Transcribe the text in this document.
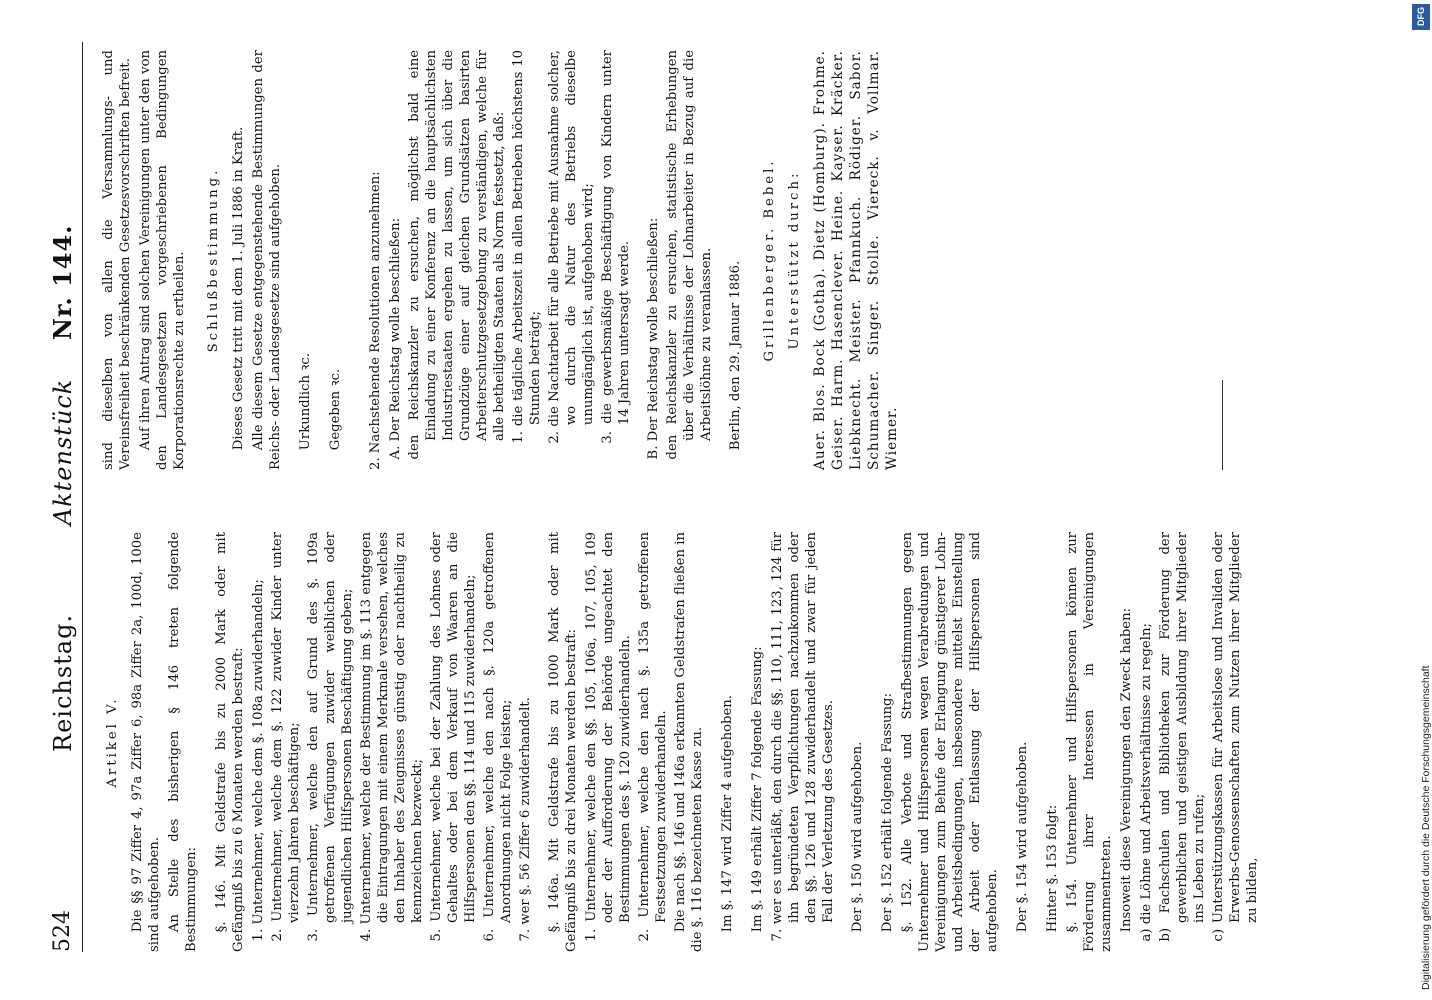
524
Reichstag. Aktenstück Nr. 144.
Artikel V. Die §§ 97 Ziffer 4, 97a Ziffer 6, 98a Ziffer 2a, 100d, 100e sind aufgehoben. An Stelle des bisherigen § 146 treten folgende Bestimmungen: §. 146. Mit Geldstrafe bis zu 2000 Mark oder mit Gefängniß bis zu 6 Monaten werden bestraft: 1. Unternehmer, welche dem §. 108a zuwiderhandeln; 2. Unternehmer, welche dem §. 122 zuwider Kinder unter vierzehn Jahren beschäftigen; 3. Unternehmer, welche den auf Grund des §. 109a getroffenen Verfügungen zuwider weiblichen oder jugendlichen Hilfspersonen Beschäftigung geben; 4. Unternehmer, welche der Bestimmung im §. 113 entgegen die Eintragungen mit einem Merkmale versehen, welches den Inhaber des Zeugnisses günstig oder nachtheilig zu kennzeichnen bezweckt; 5. Unternehmer, welche bei der Zahlung des Lohnes oder Gehaltes oder bei dem Verkauf von Waaren an die Hilfspersonen den §§. 114 und 115 zuwiderhandeln; 6. Unternehmer, welche den nach §. 120a getroffenen Anordnungen nicht Folge leisten; 7. wer §. 56 Ziffer 6 zuwiderhandelt. §. 146a. Mit Geldstrafe bis zu 1000 Mark oder mit Gefängniß bis zu drei Monaten werden bestraft: 1. Unternehmer, welche den §§. 105, 106a, 107, 105, 109 oder der Aufforderung der Behörde ungeachtet den Bestimmungen des §. 120 zuwiderhandeln. 2. Unternehmer, welche den nach §. 135a getroffenen Festsetzungen zuwiderhandeln. Die nach §§. 146 und 146a erkannten Geldstrafen fließen in die §. 116 bezeichneten Kasse zu. Im §. 147 wird Ziffer 4 aufgehoben. Im §. 149 erhält Ziffer 7 folgende Fassung: 7. wer es unterläßt, den durch die §§. 110, 111, 123, 124 für ihn begründeten Verpflichtungen nachzukommen oder den §§. 126 und 128 zuwiderhandelt und zwar für jeden Fall der Verletzung des Gesetzes. Der §. 150 wird aufgehoben. Der §. 152 erhält folgende Fassung: §. 152. Alle Verbote und Strafbestimmungen gegen Unternehmer und Hilfspersonen wegen Verabredungen und Vereinigungen zum Behufe der Erlangung günstigerer Lohn- und Arbeitsbedingungen, insbesondere mittelst Einstellung der Arbeit oder Entlassung der Hilfspersonen sind aufgehoben. Der §. 154 wird aufgehoben. Hinter §. 153 folgt: §. 154. Unternehmer und Hilfspersonen können zur Förderung ihrer Interessen in Vereinigungen zusammentreten. Insoweit diese Vereinigungen den Zweck haben: a) die Löhne und Arbeitsverhältnisse zu regeln; b) Fachschulen und Bibliotheken zur Förderung der gewerblichen und geistigen Ausbildung ihrer Mitglieder ins Leben zu rufen; c) Unterstützungskassen für Arbeitslose und Invaliden oder Erwerbs-Genossenschaften zum Nutzen ihrer Mitglieder zu bilden,
sind dieselben von allen die Versammlungs- und Vereinsfreiheit beschränkenden Gesetzesvorschriften befreit. Auf ihren Antrag sind solchen Vereinigungen unter den von den Landesgesetzen vorgeschriebenen Bedingungen Korporationsrechte zu ertheilen. Schlußbestimmung. Dieses Gesetz tritt mit dem 1. Juli 1886 in Kraft. Alle diesem Gesetze entgegenstehende Bestimmungen der Reichs- oder Landesgesetze sind aufgehoben. Urkundlich ꝛc. Gegeben ꝛc. 2. Nachstehende Resolutionen anzunehmen: A. Der Reichstag wolle beschließen: den Reichskanzler zu ersuchen, möglichst bald eine Einladung zu einer Konferenz an die hauptsächlichsten Industriestaaten ergehen zu lassen, um sich über die Grundzüge einer auf gleichen Grundsätzen basirten Arbeiterschutzgesetzgebung zu verständigen, welche für alle betheiligten Staaten als Norm festsetzt, daß: 1. die tägliche Arbeitszeit in allen Betrieben höchstens 10 Stunden beträgt; 2. die Nachtarbeit für alle Betriebe mit Ausnahme solcher, wo durch die Natur des Betriebs dieselbe unumgänglich ist, aufgehoben wird; 3. die gewerbsmäßige Beschäftigung von Kindern unter 14 Jahren untersagt werde. B. Der Reichstag wolle beschließen: den Reichskanzler zu ersuchen, statistische Erhebungen über die Verhältnisse der Lohnarbeiter in Bezug auf die Arbeitslöhne zu veranlassen. Berlin, den 29. Januar 1886. Grillenberger. Bebel. Unterstützt durch: Auer. Blos. Bock (Gotha). Dietz (Homburg). Frohme. Geiser. Harm. Hasenclever. Heine. Kayser. Kräcker. Liebknecht. Meister. Pfannkuch. Rödiger. Sabor. Schumacher. Singer. Stolle. Viereck. v. Vollmar. Wiemer.
Digitalisierung gefördert durch die Deutsche Forschungsgemeinschaft
DFG
